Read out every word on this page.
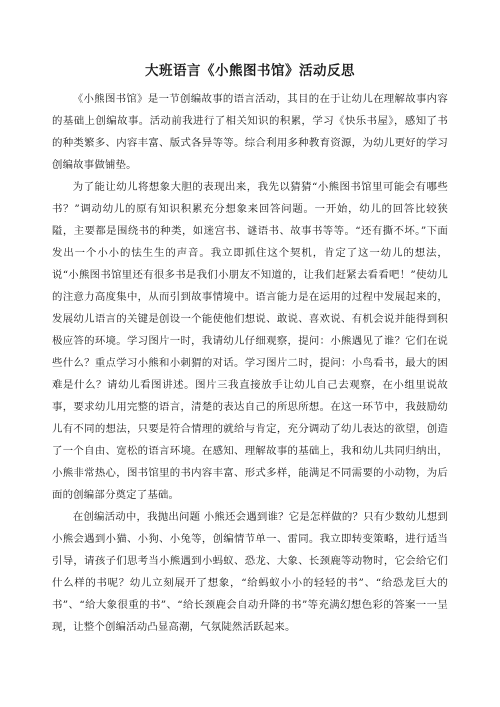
大班语言《小熊图书馆》活动反思

《小熊图书馆》是一节创编故事的语言活动，其目的在于让幼儿在理解故事内容的基础上创编故事。活动前我进行了相关知识的积累，学习《快乐书屋》，感知了书的种类繁多、内容丰富、版式各异等等。综合利用多种教育资源，为幼儿更好的学习创编故事做铺垫。

为了能让幼儿将想象大胆的表现出来，我先以猜猜“小熊图书馆里可能会有哪些书？”调动幼儿的原有知识积累充分想象来回答问题。一开始，幼儿的回答比较狭隘，主要都是围绕书的种类，如迷宫书、谜语书、故事书等等。“还有撕不坏。”下面发出一个小小的怯生生的声音。我立即抓住这个契机，肯定了这一幼儿的想法，说“小熊图书馆里还有很多书是我们小朋友不知道的，让我们赶紧去看看吧！”使幼儿的注意力高度集中，从而引到故事情境中。语言能力是在运用的过程中发展起来的，发展幼儿语言的关键是创设一个能使他们想说、敢说、喜欢说、有机会说并能得到积极应答的环境。学习图片一时，我请幼儿仔细观察，提问：小熊遇见了谁？它们在说些什么？重点学习小熊和小刺猬的对话。学习图片二时，提问：小鸟看书，最大的困难是什么？请幼儿看图讲述。图片三我直接放手让幼儿自己去观察，在小组里说故事，要求幼儿用完整的语言，清楚的表达自己的所思所想。在这一环节中，我鼓励幼儿有不同的想法，只要是符合情理的就给与肯定，充分调动了幼儿表达的欲望，创造了一个自由、宽松的语言环境。在感知、理解故事的基础上，我和幼儿共同归纳出，小熊非常热心，图书馆里的书内容丰富、形式多样，能满足不同需要的小动物，为后面的创编部分奠定了基础。

在创编活动中，我抛出问题 小熊还会遇到谁？它是怎样做的？只有少数幼儿想到小熊会遇到小猫、小狗、小兔等，创编情节单一、雷同。我立即转变策略，进行适当引导，请孩子们思考当小熊遇到小蚂蚁、恐龙、大象、长颈鹿等动物时，它会给它们什么样的书呢？幼儿立刻展开了想象，“给蚂蚁小小的轻轻的书”、“给恐龙巨大的书”、“给大象很重的书”、“给长颈鹿会自动升降的书”等充满幻想色彩的答案一一呈现，让整个创编活动凸显高潮，气氛陡然活跃起来。
